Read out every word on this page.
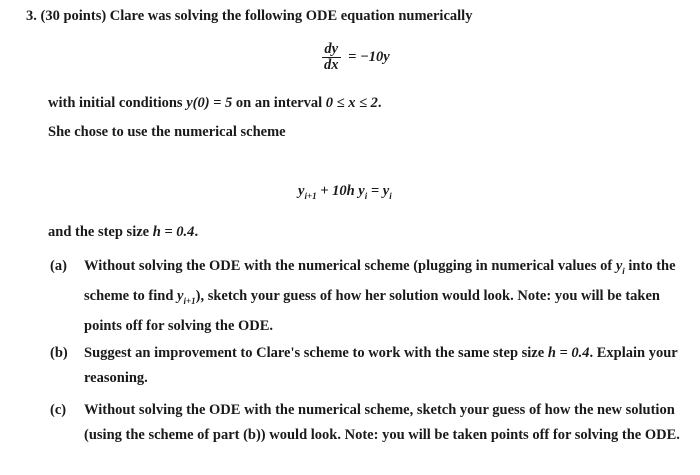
3. (30 points) Clare was solving the following ODE equation numerically
$\frac{dy}{dx} = -10y$
with initial conditions y(0) = 5 on an interval 0 ≤ x ≤ 2.
She chose to use the numerical scheme
$y_{i+1} + 10h$ $y_i = y_i$
and the step size h = 0.4.
(a) Without solving the ODE with the numerical scheme (plugging in numerical values of $y_i$ into the scheme to find $y_{i+1}$), sketch your guess of how her solution would look. Note: you will be taken points off for solving the ODE.
(b) Suggest an improvement to Clare's scheme to work with the same step size h = 0.4. Explain your reasoning.
(c) Without solving the ODE with the numerical scheme, sketch your guess of how the new solution (using the scheme of part (b)) would look. Note: you will be taken points off for solving the ODE.
